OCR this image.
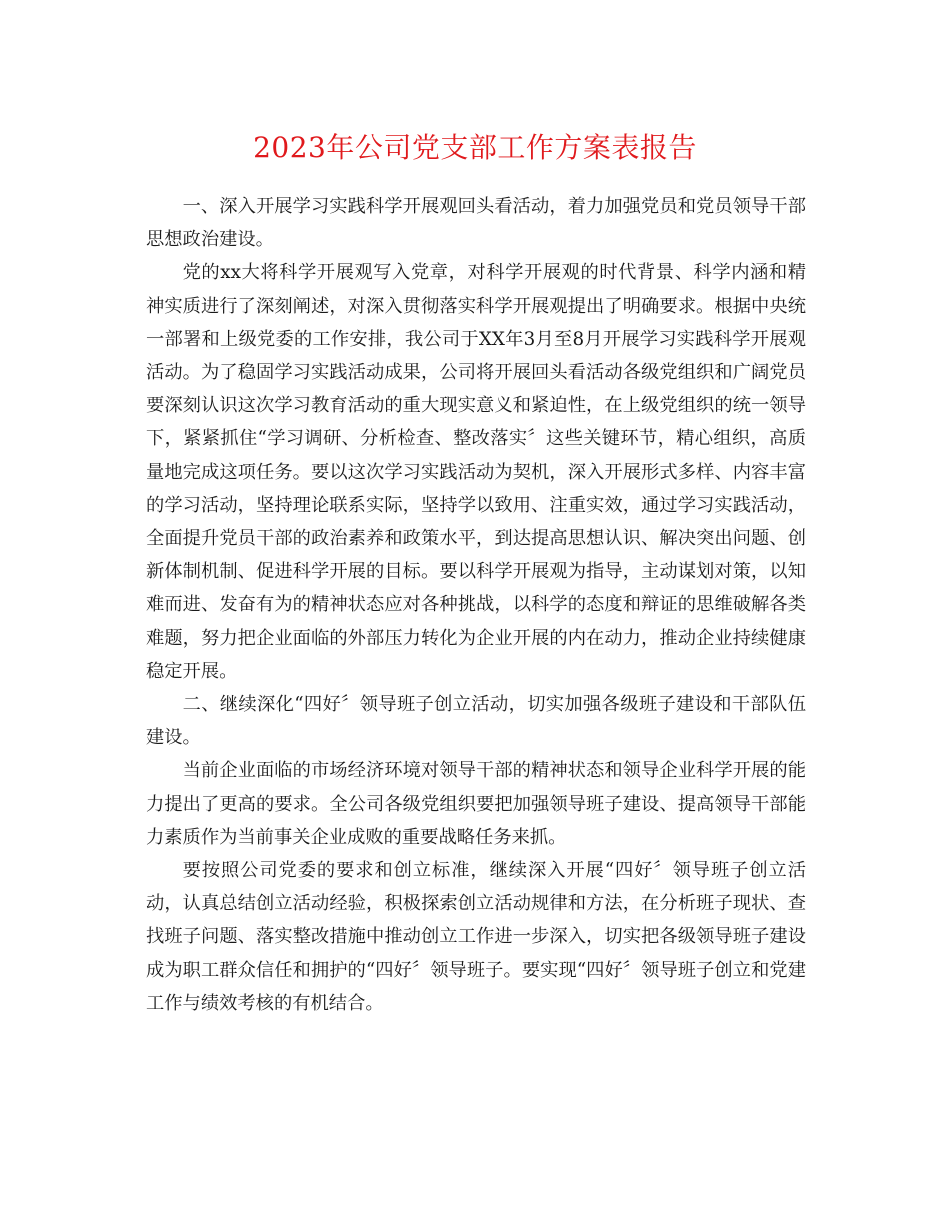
2023年公司党支部工作方案表报告

一、深入开展学习实践科学开展观回头看活动，着力加强党员和党员领导干部思想政治建设。

党的xx大将科学开展观写入党章，对科学开展观的时代背景、科学内涵和精神实质进行了深刻阐述，对深入贯彻落实科学开展观提出了明确要求。根据中央统一部署和上级党委的工作安排，我公司于XX年3月至8月开展学习实践科学开展观活动。为了稳固学习实践活动成果，公司将开展回头看活动各级党组织和广阔党员要深刻认识这次学习教育活动的重大现实意义和紧迫性，在上级党组织的统一领导下，紧紧抓住“学习调研、分析检查、整改落实〞这些关键环节，精心组织，高质量地完成这项任务。要以这次学习实践活动为契机，深入开展形式多样、内容丰富的学习活动，坚持理论联系实际，坚持学以致用、注重实效，通过学习实践活动，全面提升党员干部的政治素养和政策水平，到达提高思想认识、解决突出问题、创新体制机制、促进科学开展的目标。要以科学开展观为指导，主动谋划对策，以知难而进、发奋有为的精神状态应对各种挑战，以科学的态度和辩证的思维破解各类难题，努力把企业面临的外部压力转化为企业开展的内在动力，推动企业持续健康稳定开展。

二、继续深化“四好〞领导班子创立活动，切实加强各级班子建设和干部队伍建设。

当前企业面临的市场经济环境对领导干部的精神状态和领导企业科学开展的能力提出了更高的要求。全公司各级党组织要把加强领导班子建设、提高领导干部能力素质作为当前事关企业成败的重要战略任务来抓。

要按照公司党委的要求和创立标准，继续深入开展“四好〞领导班子创立活动，认真总结创立活动经验，积极探索创立活动规律和方法，在分析班子现状、查找班子问题、落实整改措施中推动创立工作进一步深入，切实把各级领导班子建设成为职工群众信任和拥护的“四好〞领导班子。要实现“四好〞领导班子创立和党建工作与绩效考核的有机结合。
